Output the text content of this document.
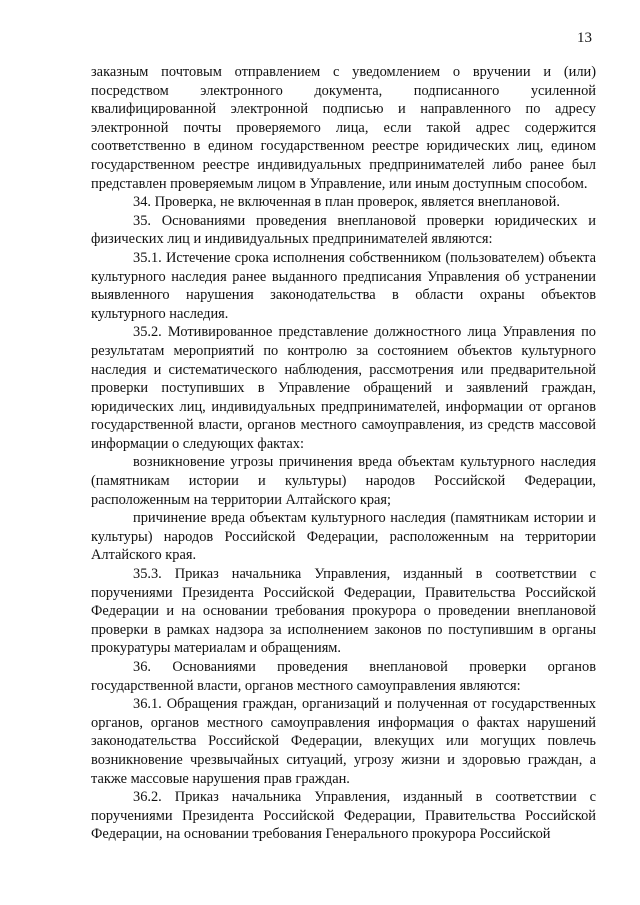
13

заказным почтовым отправлением с уведомлением о вручении и (или) посредством электронного документа, подписанного усиленной квалифицированной электронной подписью и направленного по адресу электронной почты проверяемого лица, если такой адрес содержится соответственно в едином государственном реестре юридических лиц, едином государственном реестре индивидуальных предпринимателей либо ранее был представлен проверяемым лицом в Управление, или иным доступным способом.

34. Проверка, не включенная в план проверок, является внеплановой.

35. Основаниями проведения внеплановой проверки юридических и физических лиц и индивидуальных предпринимателей являются:

35.1. Истечение срока исполнения собственником (пользователем) объекта культурного наследия ранее выданного предписания Управления об устранении выявленного нарушения законодательства в области охраны объектов культурного наследия.

35.2. Мотивированное представление должностного лица Управления по результатам мероприятий по контролю за состоянием объектов культурного наследия и систематического наблюдения, рассмотрения или предварительной проверки поступивших в Управление обращений и заявлений граждан, юридических лиц, индивидуальных предпринимателей, информации от органов государственной власти, органов местного самоуправления, из средств массовой информации о следующих фактах:

возникновение угрозы причинения вреда объектам культурного наследия (памятникам истории и культуры) народов Российской Федерации, расположенным на территории Алтайского края;

причинение вреда объектам культурного наследия (памятникам истории и культуры) народов Российской Федерации, расположенным на территории Алтайского края.

35.3. Приказ начальника Управления, изданный в соответствии с поручениями Президента Российской Федерации, Правительства Российской Федерации и на основании требования прокурора о проведении внеплановой проверки в рамках надзора за исполнением законов по поступившим в органы прокуратуры материалам и обращениям.

36. Основаниями проведения внеплановой проверки органов государственной власти, органов местного самоуправления являются:

36.1. Обращения граждан, организаций и полученная от государственных органов, органов местного самоуправления информация о фактах нарушений законодательства Российской Федерации, влекущих или могущих повлечь возникновение чрезвычайных ситуаций, угрозу жизни и здоровью граждан, а также массовые нарушения прав граждан.

36.2. Приказ начальника Управления, изданный в соответствии с поручениями Президента Российской Федерации, Правительства Российской Федерации, на основании требования Генерального прокурора Российской
